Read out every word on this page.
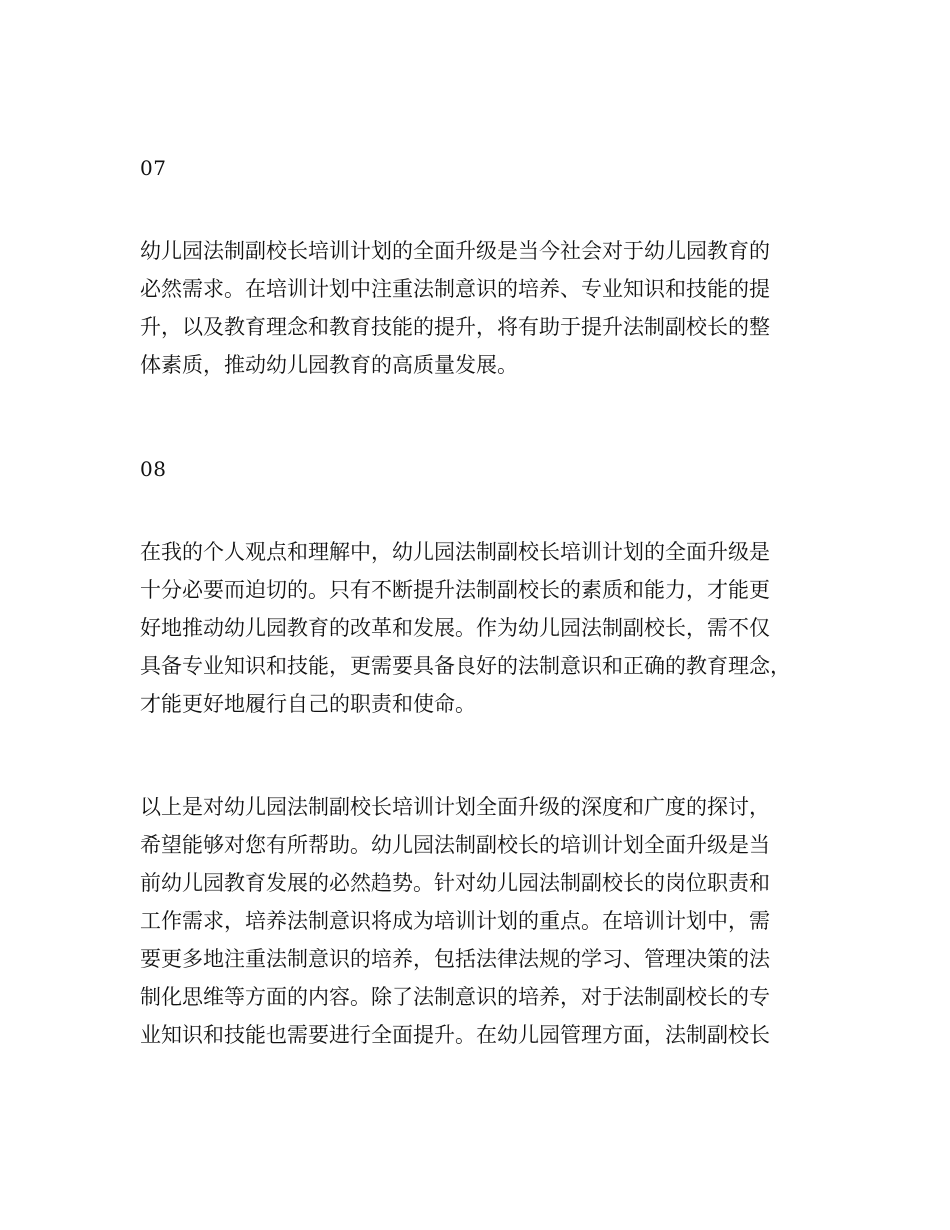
07

幼儿园法制副校长培训计划的全面升级是当今社会对于幼儿园教育的
必然需求。在培训计划中注重法制意识的培养、专业知识和技能的提
升，以及教育理念和教育技能的提升，将有助于提升法制副校长的整
体素质，推动幼儿园教育的高质量发展。

08

在我的个人观点和理解中，幼儿园法制副校长培训计划的全面升级是
十分必要而迫切的。只有不断提升法制副校长的素质和能力，才能更
好地推动幼儿园教育的改革和发展。作为幼儿园法制副校长，需不仅
具备专业知识和技能，更需要具备良好的法制意识和正确的教育理念，
才能更好地履行自己的职责和使命。
以上是对幼儿园法制副校长培训计划全面升级的深度和广度的探讨，
希望能够对您有所帮助。幼儿园法制副校长的培训计划全面升级是当
前幼儿园教育发展的必然趋势。针对幼儿园法制副校长的岗位职责和
工作需求，培养法制意识将成为培训计划的重点。在培训计划中，需
要更多地注重法制意识的培养，包括法律法规的学习、管理决策的法
制化思维等方面的内容。除了法制意识的培养，对于法制副校长的专
业知识和技能也需要进行全面提升。在幼儿园管理方面，法制副校长
